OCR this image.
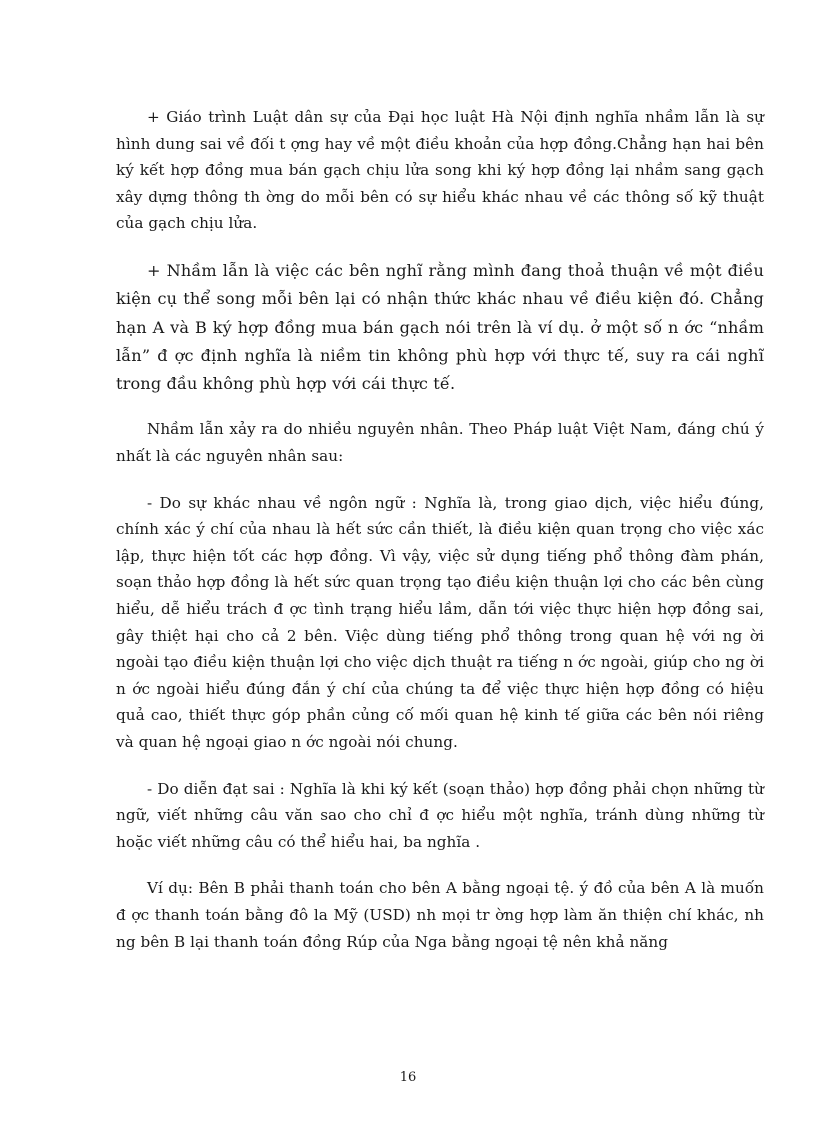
+ Giáo trình Luật dân sự của Đại học luật Hà Nội định nghĩa nhầm lẫn là sự hình dung sai về đối t ợng hay về một điều khoản của hợp đồng.Chẳng hạn hai bên ký kết hợp đồng mua bán gạch chịu lửa song khi ký hợp đồng lại nhầm sang gạch xây dựng thông th ờng do mỗi bên có sự hiểu khác nhau về các thông số kỹ thuật của gạch chịu lửa.

+ Nhầm lẫn là việc các bên nghĩ rằng mình đang thoả thuận về một điều kiện cụ thể song mỗi bên lại có nhận thức khác nhau về điều kiện đó. Chẳng hạn A và B ký hợp đồng mua bán gạch nói trên là ví dụ. ở một số n ớc “nhầm lẫn” đ ợc định nghĩa là niềm tin không phù hợp với thực tế, suy ra cái nghĩ trong đầu không phù hợp với cái thực tế.

Nhầm lẫn xảy ra do nhiều nguyên nhân. Theo Pháp luật Việt Nam, đáng chú ý nhất là các nguyên nhân sau:

- Do sự khác nhau về ngôn ngữ : Nghĩa là, trong giao dịch, việc hiểu đúng, chính xác ý chí của nhau là hết sức cần thiết, là điều kiện quan trọng cho việc xác lập, thực hiện tốt các hợp đồng. Vì vậy, việc sử dụng tiếng phổ thông đàm phán, soạn thảo hợp đồng là hết sức quan trọng tạo điều kiện thuận lợi cho các bên cùng hiểu, dễ hiểu trách đ ợc tình trạng hiểu lầm, dẫn tới việc thực hiện hợp đồng sai, gây thiệt hại cho cả 2 bên. Việc dùng tiếng phổ thông trong quan hệ với ng ời ngoài tạo điều kiện thuận lợi cho việc dịch thuật ra tiếng n ớc ngoài, giúp cho ng ời n ớc ngoài hiểu đúng đắn ý chí của chúng ta để việc thực hiện hợp đồng có hiệu quả cao, thiết thực góp phần củng cố mối quan hệ kinh tế giữa các bên nói riêng và quan hệ ngoại giao n ớc ngoài nói chung.

- Do diễn đạt sai : Nghĩa là khi ký kết (soạn thảo) hợp đồng phải chọn những từ ngữ, viết những câu văn sao cho chỉ đ ợc hiểu một nghĩa, tránh dùng những từ hoặc viết những câu có thể hiểu hai, ba nghĩa .

Ví dụ: Bên B phải thanh toán cho bên A bằng ngoại tệ. ý đồ của bên A là muốn đ ợc thanh toán bằng đô la Mỹ (USD) nh mọi tr ờng hợp làm ăn thiện chí khác, nh ng bên B lại thanh toán đồng Rúp của Nga bằng ngoại tệ nên khả năng

16
